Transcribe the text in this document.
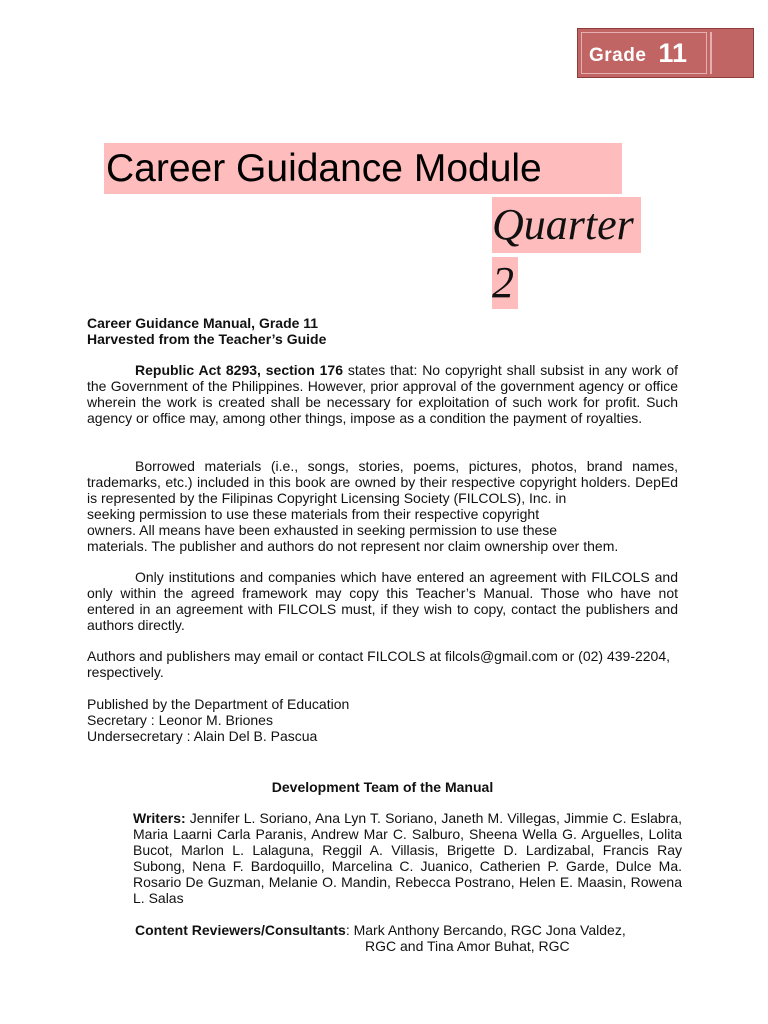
Grade 11
Career Guidance Module
Quarter
2

Career Guidance Manual, Grade 11

Harvested from the Teacher’s Guide

Republic Act 8293, section 176 states that: No copyright shall subsist in any work of the Government of the Philippines. However, prior approval of the government agency or office wherein the work is created shall be necessary for exploitation of such work for profit. Such agency or office may, among other things, impose as a condition the payment of royalties.

Borrowed materials (i.e., songs, stories, poems, pictures, photos, brand names, trademarks, etc.) included in this book are owned by their respective copyright holders. DepEd is represented by the Filipinas Copyright Licensing Society (FILCOLS), Inc. in

seeking permission to use these materials from their respective copyright

owners. All means have been exhausted in seeking permission to use these

materials. The publisher and authors do not represent nor claim ownership over them.

Only institutions and companies which have entered an agreement with FILCOLS and only within the agreed framework may copy this Teacher’s Manual. Those who have not entered in an agreement with FILCOLS must, if they wish to copy, contact the publishers and authors directly.
Authors and publishers may email or contact FILCOLS at filcols@gmail.com or (02) 439-2204, respectively.

Published by the Department of Education

Secretary : Leonor M. Briones

Undersecretary : Alain Del B. Pascua

Development Team of the Manual
Writers: Jennifer L. Soriano, Ana Lyn T. Soriano, Janeth M. Villegas, Jimmie C. Eslabra, Maria Laarni Carla Paranis, Andrew Mar C. Salburo, Sheena Wella G. Arguelles, Lolita Bucot, Marlon L. Lalaguna, Reggil A. Villasis, Brigette D. Lardizabal, Francis Ray Subong, Nena F. Bardoquillo, Marcelina C. Juanico, Catherien P. Garde, Dulce Ma. Rosario De Guzman, Melanie O. Mandin, Rebecca Postrano, Helen E. Maasin, Rowena L. Salas

Content Reviewers/Consultants: Mark Anthony Bercando, RGC Jona Valdez,

RGC and Tina Amor Buhat, RGC
